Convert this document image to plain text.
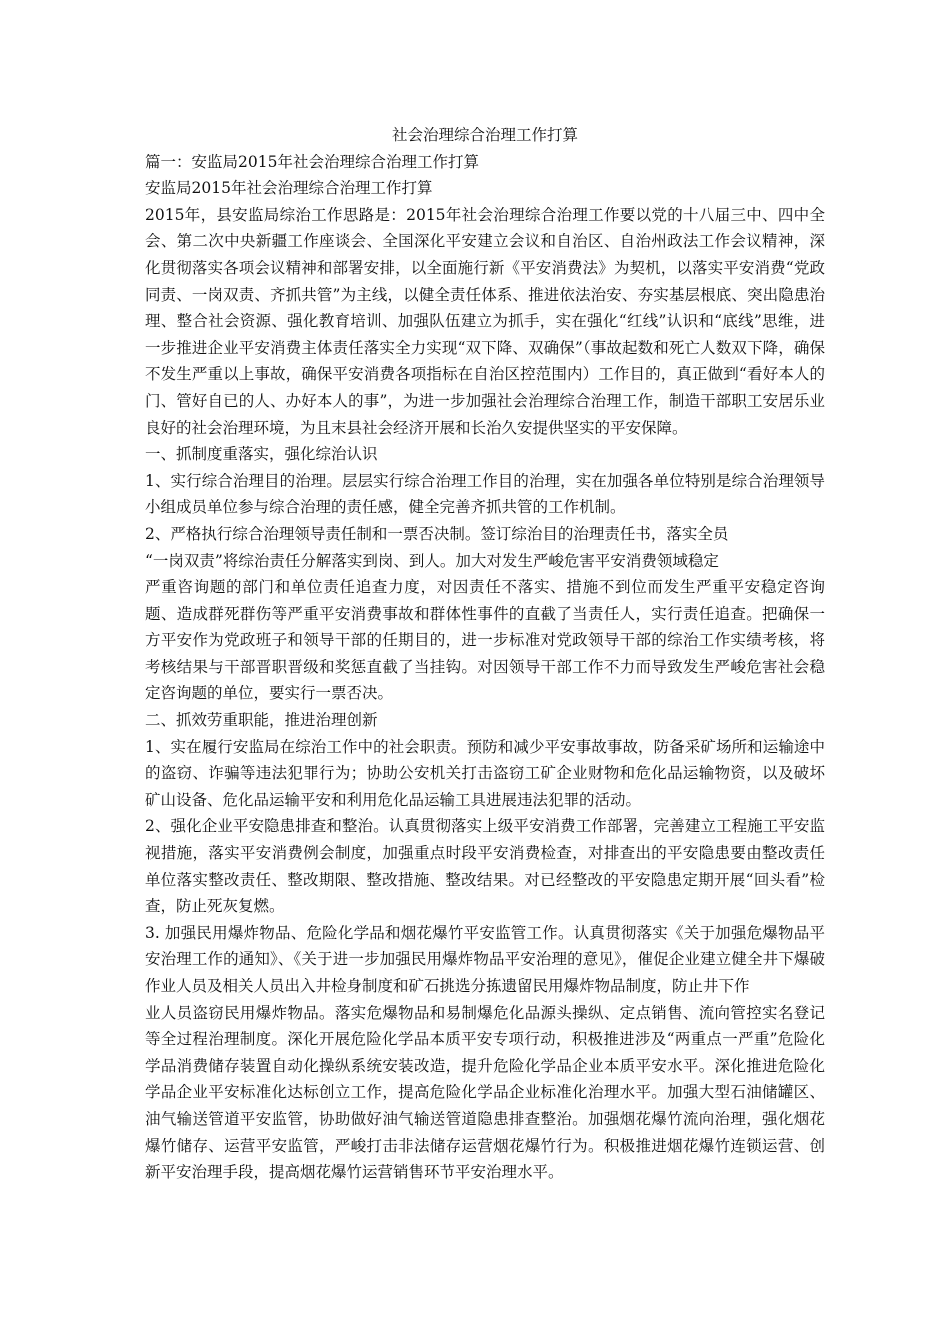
社会治理综合治理工作打算

篇一：安监局2015年社会治理综合治理工作打算

安监局2015年社会治理综合治理工作打算

2015年，县安监局综治工作思路是：2015年社会治理综合治理工作要以党的十八届三中、四中全会、第二次中央新疆工作座谈会、全国深化平安建立会议和自治区、自治州政法工作会议精神，深化贯彻落实各项会议精神和部署安排，以全面施行新《平安消费法》为契机，以落实平安消费“党政同责、一岗双责、齐抓共管”为主线，以健全责任体系、推进依法治安、夯实基层根底、突出隐患治理、整合社会资源、强化教育培训、加强队伍建立为抓手，实在强化“红线”认识和“底线”思维，进一步推进企业平安消费主体责任落实全力实现“双下降、双确保”（事故起数和死亡人数双下降，确保不发生严重以上事故，确保平安消费各项指标在自治区控范围内）工作目的，真正做到“看好本人的门、管好自已的人、办好本人的事”，为进一步加强社会治理综合治理工作，制造干部职工安居乐业良好的社会治理环境，为且末县社会经济开展和长治久安提供坚实的平安保障。

一、抓制度重落实，强化综治认识

1、实行综合治理目的治理。层层实行综合治理工作目的治理，实在加强各单位特别是综合治理领导小组成员单位参与综合治理的责任感，健全完善齐抓共管的工作机制。

2、严格执行综合治理领导责任制和一票否决制。签订综治目的治理责任书，落实全员

“一岗双责”将综治责任分解落实到岗、到人。加大对发生严峻危害平安消费领域稳定

严重咨询题的部门和单位责任追查力度，对因责任不落实、措施不到位而发生严重平安稳定咨询题、造成群死群伤等严重平安消费事故和群体性事件的直截了当责任人，实行责任追查。把确保一方平安作为党政班子和领导干部的任期目的，进一步标准对党政领导干部的综治工作实绩考核，将考核结果与干部晋职晋级和奖惩直截了当挂钩。对因领导干部工作不力而导致发生严峻危害社会稳定咨询题的单位，要实行一票否决。

二、抓效劳重职能，推进治理创新

1、实在履行安监局在综治工作中的社会职责。预防和减少平安事故事故，防备采矿场所和运输途中的盗窃、诈骗等违法犯罪行为；协助公安机关打击盗窃工矿企业财物和危化品运输物资，以及破坏矿山设备、危化品运输平安和利用危化品运输工具进展违法犯罪的活动。

2、强化企业平安隐患排查和整治。认真贯彻落实上级平安消费工作部署，完善建立工程施工平安监视措施，落实平安消费例会制度，加强重点时段平安消费检查，对排查出的平安隐患要由整改责任单位落实整改责任、整改期限、整改措施、整改结果。对已经整改的平安隐患定期开展“回头看”检查，防止死灰复燃。

3. 加强民用爆炸物品、危险化学品和烟花爆竹平安监管工作。认真贯彻落实《关于加强危爆物品平安治理工作的通知》、《关于进一步加强民用爆炸物品平安治理的意见》，催促企业建立健全井下爆破作业人员及相关人员出入井检身制度和矿石挑选分拣遗留民用爆炸物品制度，防止井下作

业人员盗窃民用爆炸物品。落实危爆物品和易制爆危化品源头操纵、定点销售、流向管控实名登记等全过程治理制度。深化开展危险化学品本质平安专项行动，积极推进涉及“两重点一严重”危险化学品消费储存装置自动化操纵系统安装改造，提升危险化学品企业本质平安水平。深化推进危险化学品企业平安标准化达标创立工作，提高危险化学品企业标准化治理水平。加强大型石油储罐区、油气输送管道平安监管，协助做好油气输送管道隐患排查整治。加强烟花爆竹流向治理，强化烟花爆竹储存、运营平安监管，严峻打击非法储存运营烟花爆竹行为。积极推进烟花爆竹连锁运营、创新平安治理手段，提高烟花爆竹运营销售环节平安治理水平。
